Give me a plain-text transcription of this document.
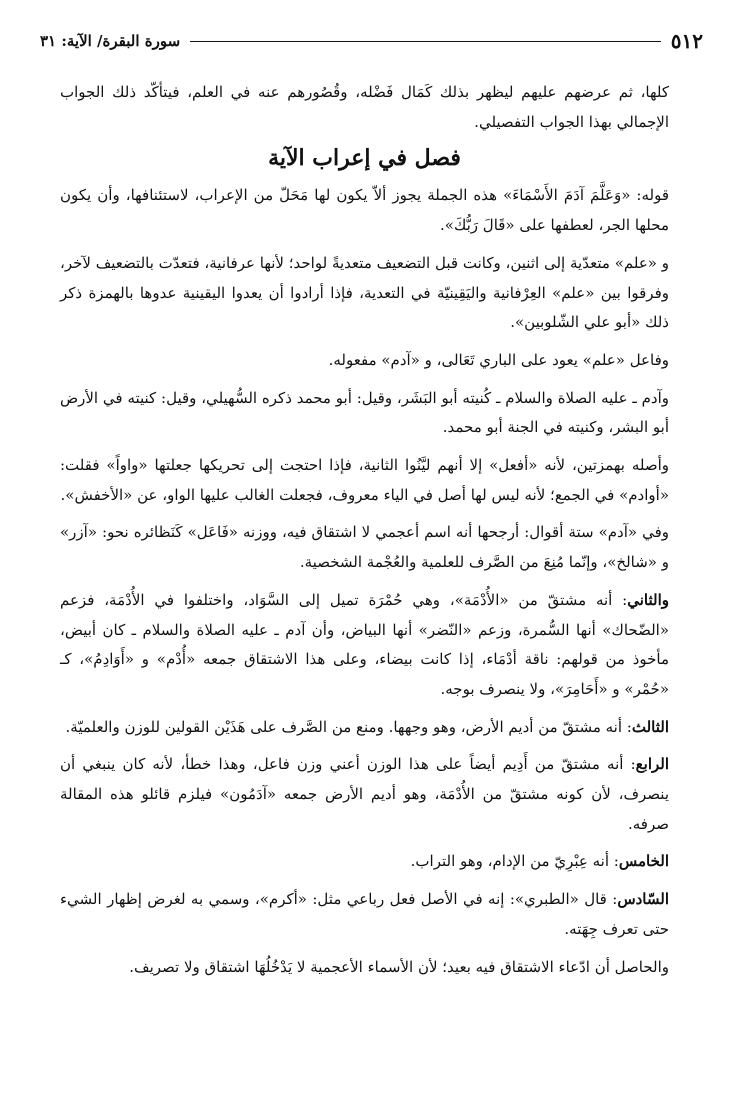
٥١٢
سورة البقرة/ الآية: ٣١

كلها، ثم عرضهم عليهم ليظهر بذلك كَمَال فَضْله، وقُصُورهم عنه في العلم، فيتأكّد ذلك الجواب الإجمالي بهذا الجواب التفصيلي.

فصل في إعراب الآية

قوله: «وَعَلَّمَ آدَمَ الأَسْمَاءَ» هذه الجملة يجوز ألاّ يكون لها مَحَلّ من الإعراب، لاستئنافها، وأن يكون محلها الجر، لعطفها على «قَالَ رَبُّكَ».

و «علم» متعدّية إلى اثنين، وكانت قبل التضعيف متعديةً لواحد؛ لأنها عرفانية، فتعدّت بالتضعيف لآخر، وفرقوا بين «علم» العِرْفانية واليَقِينيّة في التعدية، فإذا أرادوا أن يعدوا اليقينية عدوها بالهمزة ذكر ذلك «أبو علي الشّلوبين».

وفاعل «علم» يعود على الباري تَعَالى، و «آدم» مفعوله.

وآدم ـ عليه الصلاة والسلام ـ كُنيته أبو البَشَر، وقيل: أبو محمد ذكره السُّهيلي، وقيل: كنيته في الأرض أبو البشر، وكنيته في الجنة أبو محمد.

وأصله بهمزتين، لأنه «أفعل» إلا أنهم ليَّنُوا الثانية، فإذا احتجت إلى تحريكها جعلتها «واواً» فقلت: «أوادم» في الجمع؛ لأنه ليس لها أصل في الياء معروف، فجعلت الغالب عليها الواو، عن «الأخفش».

وفي «آدم» ستة أقوال: أرجحها أنه اسم أعجمي لا اشتقاق فيه، ووزنه «فَاعَل» كَنَظائره نحو: «آزر» و «شالخ»، وإنّما مُنِعَ من الصَّرف للعلمية والعُجْمة الشخصية.

والثاني: أنه مشتقّ من «الأُدْمَة»، وهي حُمْرَة تميل إلى السَّوَاد، واختلفوا في الأُدْمَة، فزعم «الضّحاك» أنها السُّمرة، وزعم «النّضر» أنها البياض، وأن آدم ـ عليه الصلاة والسلام ـ كان أبيض، مأخوذ من قولهم: ناقة أدْمَاء، إذا كانت بيضاء، وعلى هذا الاشتقاق جمعه «أُدْم» و «أَوَادِمُ»، كـ «حُمْر» و «أَحَامِرَ»، ولا ينصرف بوجه.

الثالث: أنه مشتقّ من أديم الأرض، وهو وجهها. ومنع من الصَّرف على هَذَيْن القولين للوزن والعلميّة.

الرابع: أنه مشتقّ من أَدِيم أيضاً على هذا الوزن أعني وزن فاعل، وهذا خطأ، لأنه كان ينبغي أن ينصرف، لأن كونه مشتقّ من الأُدْمَة، وهو أديم الأرض جمعه «آدَمُون» فيلزم قائلو هذه المقالة صرفه.

الخامس: أنه عِبْرِيّ من الإدام، وهو التراب.

السّادس: قال «الطبري»: إنه في الأصل فعل رباعي مثل: «أكرم»، وسمي به لغرض إظهار الشيء حتى تعرف جِهَته.

والحاصل أن ادّعاء الاشتقاق فيه بعيد؛ لأن الأسماء الأعجمية لا يَدْخُلُهَا اشتقاق ولا تصريف.
